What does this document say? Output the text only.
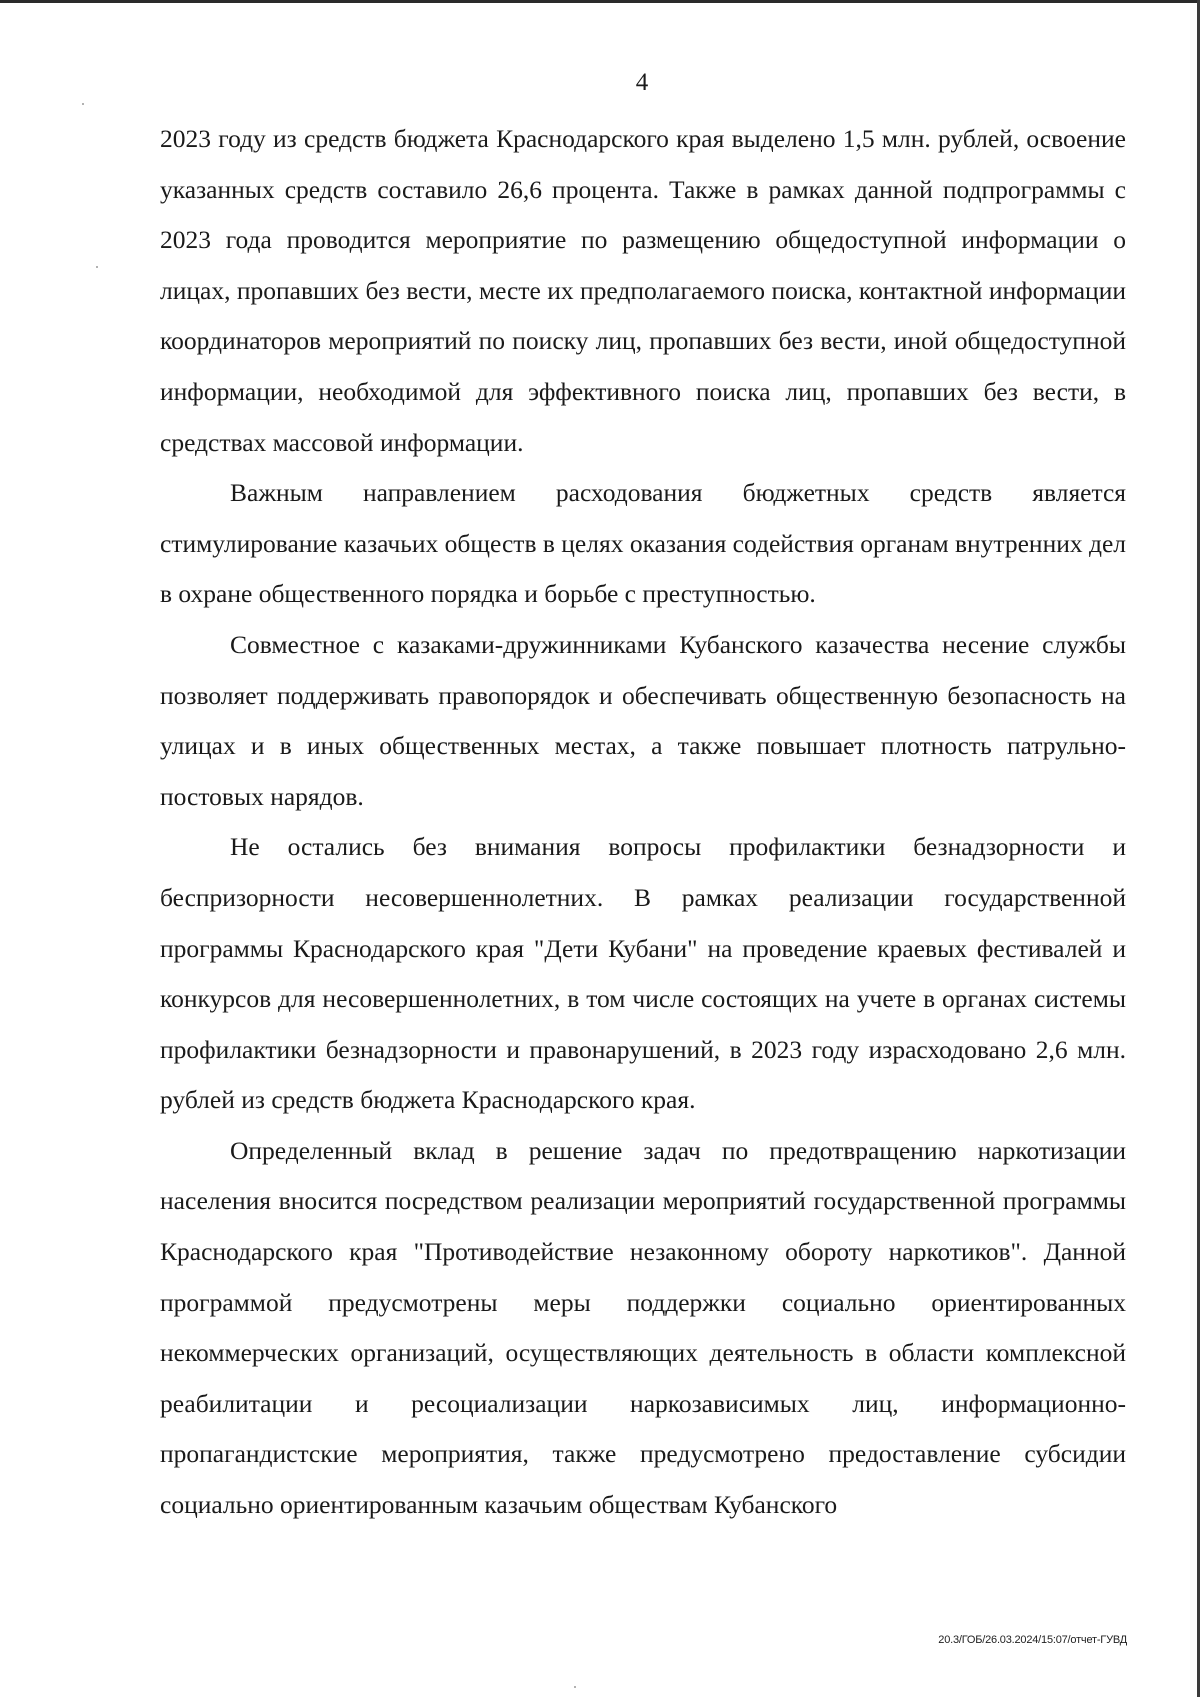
4

2023 году из средств бюджета Краснодарского края выделено 1,5 млн. рублей, освоение указанных средств составило 26,6 процента. Также в рамках данной подпрограммы с 2023 года проводится мероприятие по размещению общедоступной информации о лицах, пропавших без вести, месте их предполагаемого поиска, контактной информации координаторов мероприятий по поиску лиц, пропавших без вести, иной общедоступной информации, необходимой для эффективного поиска лиц, пропавших без вести, в средствах массовой информации.

Важным направлением расходования бюджетных средств является стимулирование казачьих обществ в целях оказания содействия органам внутренних дел в охране общественного порядка и борьбе с преступностью.

Совместное с казаками-дружинниками Кубанского казачества несение службы позволяет поддерживать правопорядок и обеспечивать общественную безопасность на улицах и в иных общественных местах, а также повышает плотность патрульно-постовых нарядов.

Не остались без внимания вопросы профилактики безнадзорности и беспризорности несовершеннолетних. В рамках реализации государственной программы Краснодарского края "Дети Кубани" на проведение краевых фестивалей и конкурсов для несовершеннолетних, в том числе состоящих на учете в органах системы профилактики безнадзорности и правонарушений, в 2023 году израсходовано 2,6 млн. рублей из средств бюджета Краснодарского края.

Определенный вклад в решение задач по предотвращению наркотизации населения вносится посредством реализации мероприятий государственной программы Краснодарского края "Противодействие незаконному обороту наркотиков". Данной программой предусмотрены меры поддержки социально ориентированных некоммерческих организаций, осуществляющих деятельность в области комплексной реабилитации и ресоциализации наркозависимых лиц, информационно-пропагандистские мероприятия, также предусмотрено предоставление субсидии социально ориентированным казачьим обществам Кубанского

20.3/ГОБ/26.03.2024/15:07/отчет-ГУВД
